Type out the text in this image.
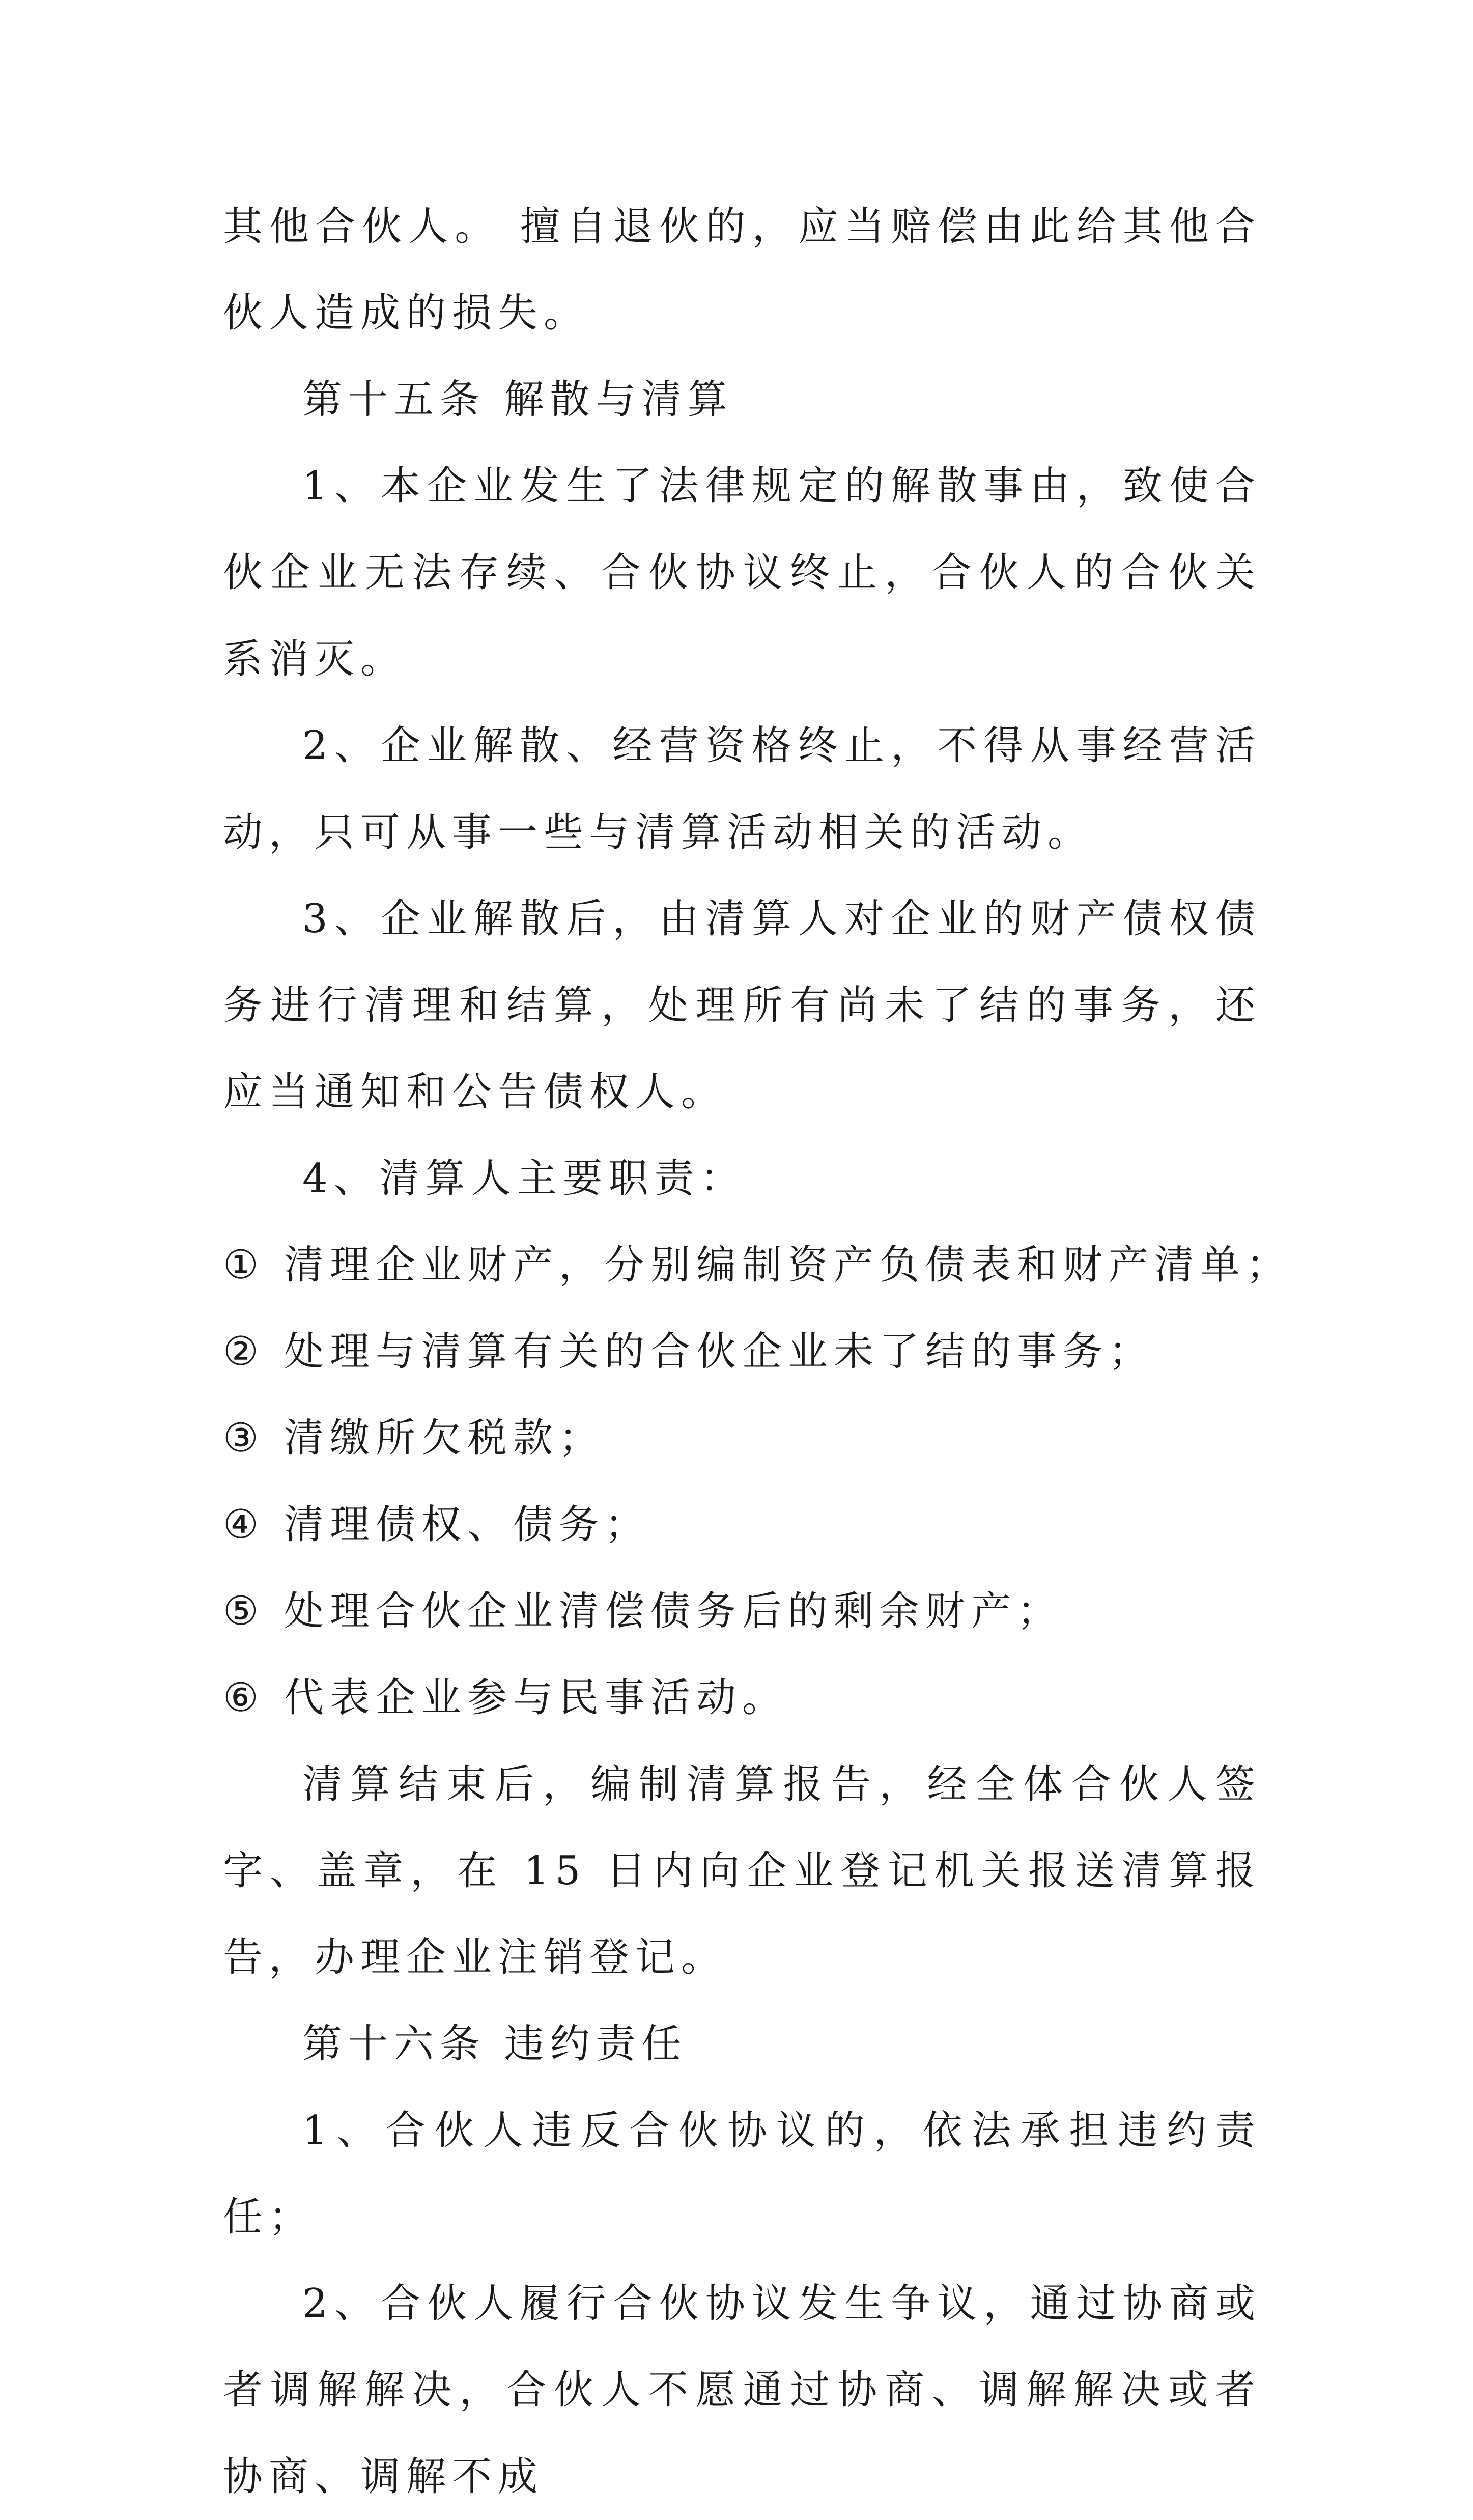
其他合伙人。 擅自退伙的，应当赔偿由此给其他合伙人造成的损失。

第十五条 解散与清算

1、本企业发生了法律规定的解散事由，致使合伙企业无法存续、合伙协议终止，合伙人的合伙关系消灭。

2、企业解散、经营资格终止，不得从事经营活动，只可从事一些与清算活动相关的活动。

3、企业解散后，由清算人对企业的财产债权债务进行清理和结算，处理所有尚未了结的事务，还应当通知和公告债权人。

4、清算人主要职责：

① 清理企业财产，分别编制资产负债表和财产清单；

② 处理与清算有关的合伙企业未了结的事务；

③ 清缴所欠税款；

④ 清理债权、债务；

⑤ 处理合伙企业清偿债务后的剩余财产；

⑥ 代表企业参与民事活动。

清算结束后，编制清算报告，经全体合伙人签字、盖章，在 15 日内向企业登记机关报送清算报告，办理企业注销登记。

第十六条 违约责任

1、合伙人违反合伙协议的，依法承担违约责任；

2、合伙人履行合伙协议发生争议，通过协商或者调解解决，合伙人不愿通过协商、调解解决或者协商、调解不成
